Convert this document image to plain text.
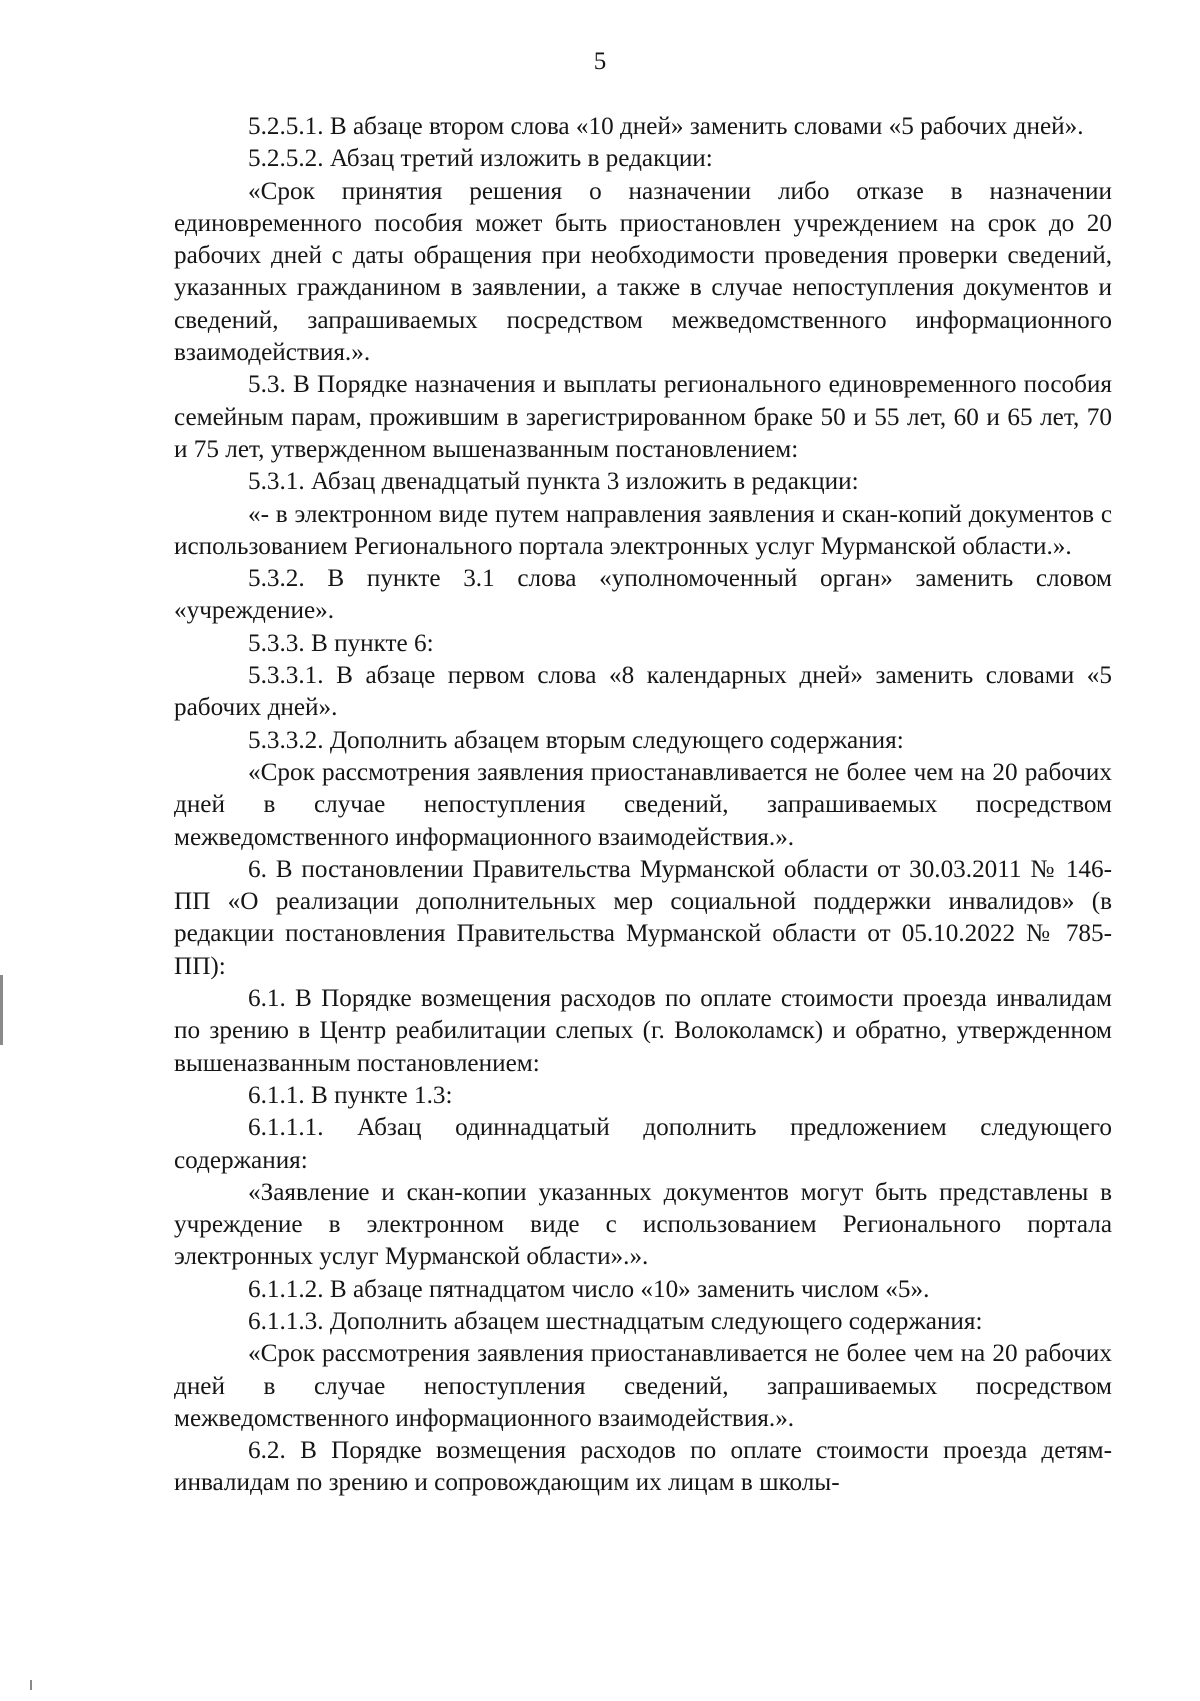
5

5.2.5.1. В абзаце втором слова «10 дней» заменить словами «5 рабочих дней».

5.2.5.2. Абзац третий изложить в редакции:

«Срок принятия решения о назначении либо отказе в назначении единовременного пособия может быть приостановлен учреждением на срок до 20 рабочих дней с даты обращения при необходимости проведения проверки сведений, указанных гражданином в заявлении, а также в случае непоступления документов и сведений, запрашиваемых посредством межведомственного информационного взаимодействия.».

5.3. В Порядке назначения и выплаты регионального единовременного пособия семейным парам, прожившим в зарегистрированном браке 50 и 55 лет, 60 и 65 лет, 70 и 75 лет, утвержденном вышеназванным постановлением:

5.3.1. Абзац двенадцатый пункта 3 изложить в редакции:

«- в электронном виде путем направления заявления и скан-копий документов с использованием Регионального портала электронных услуг Мурманской области.».

5.3.2. В пункте 3.1 слова «уполномоченный орган» заменить словом «учреждение».

5.3.3. В пункте 6:

5.3.3.1. В абзаце первом слова «8 календарных дней» заменить словами «5 рабочих дней».

5.3.3.2. Дополнить абзацем вторым следующего содержания:

«Срок рассмотрения заявления приостанавливается не более чем на 20 рабочих дней в случае непоступления сведений, запрашиваемых посредством межведомственного информационного взаимодействия.».

6. В постановлении Правительства Мурманской области от 30.03.2011 № 146-ПП «О реализации дополнительных мер социальной поддержки инвалидов» (в редакции постановления Правительства Мурманской области от 05.10.2022 № 785-ПП):

6.1. В Порядке возмещения расходов по оплате стоимости проезда инвалидам по зрению в Центр реабилитации слепых (г. Волоколамск) и обратно, утвержденном вышеназванным постановлением:

6.1.1. В пункте 1.3:

6.1.1.1. Абзац одиннадцатый дополнить предложением следующего содержания:

«Заявление и скан-копии указанных документов могут быть представлены в учреждение в электронном виде с использованием Регионального портала электронных услуг Мурманской области».».

6.1.1.2. В абзаце пятнадцатом число «10» заменить числом «5».

6.1.1.3. Дополнить абзацем шестнадцатым следующего содержания:

«Срок рассмотрения заявления приостанавливается не более чем на 20 рабочих дней в случае непоступления сведений, запрашиваемых посредством межведомственного информационного взаимодействия.».

6.2. В Порядке возмещения расходов по оплате стоимости проезда детям-инвалидам по зрению и сопровождающим их лицам в школы-
